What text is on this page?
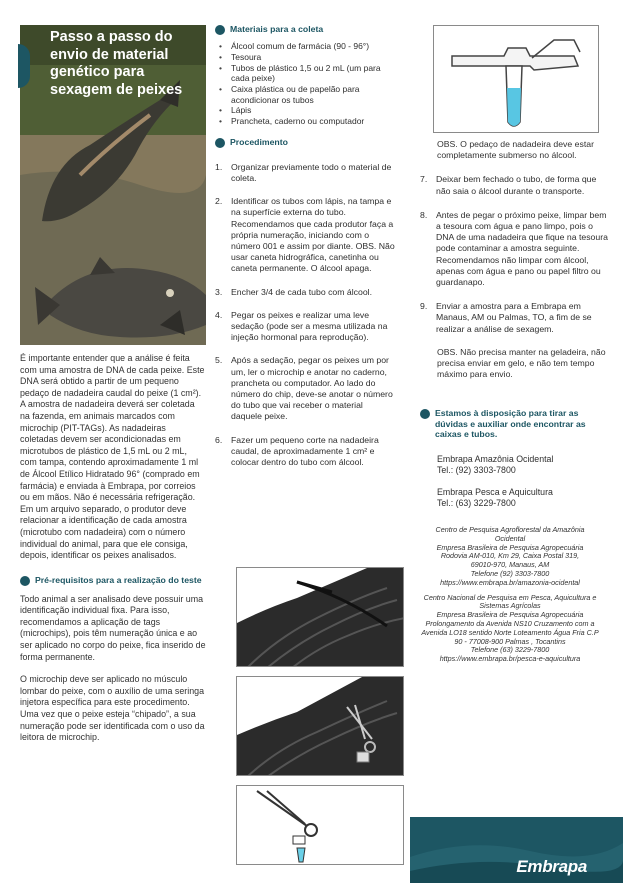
Passo a passo do envio de material genético para sexagem de peixes

É importante entender que a análise é feita com uma amostra de DNA de cada peixe. Este DNA será obtido a partir de um pequeno pedaço de nadadeira caudal do peixe (1 cm²). A amostra de nadadeira deverá ser coletada na fazenda, em animais marcados com microchip (PIT-TAGs). As nadadeiras coletadas devem ser acondicionadas em microtubos de plástico de 1,5 mL ou 2 mL, com tampa, contendo aproximadamente 1 ml de Álcool Etílico Hidratado 96° (comprado em farmácia) e enviada à Embrapa, por correios ou em mãos. Não é necessária refrigeração. Em um arquivo separado, o produtor deve relacionar a identificação de cada amostra (microtubo com nadadeira) com o número individual do animal, para que ele consiga, depois, identificar os peixes analisados.

Pré-requisitos para a realização do teste

Todo animal a ser analisado deve possuir uma identificação individual fixa. Para isso, recomendamos a aplicação de tags (microchips), pois têm numeração única e ao ser aplicado no corpo do peixe, fica inserido de forma permanente.

O microchip deve ser aplicado no músculo lombar do peixe, com o auxílio de uma seringa injetora específica para este procedimento. Uma vez que o peixe esteja “chipado”, a sua numeração pode ser identificada com o uso da leitora de microchip.

Materiais para a coleta
• Álcool comum de farmácia (90 - 96°)
• Tesoura
• Tubos de plástico 1,5 ou 2 mL (um para cada peixe)
• Caixa plástica ou de papelão para acondicionar os tubos
• Lápis
• Prancheta, caderno ou computador
Procedimento
1. Organizar previamente todo o material de coleta.
2. Identificar os tubos com lápis, na tampa e na superfície externa do tubo. Recomendamos que cada produtor faça a própria numeração, iniciando com o número 001 e assim por diante. OBS. Não usar caneta hidrográfica, canetinha ou caneta permanente. O álcool apaga.
3. Encher 3/4 de cada tubo com álcool.
4. Pegar os peixes e realizar uma leve sedação (pode ser a mesma utilizada na injeção hormonal para reprodução).
5. Após a sedação, pegar os peixes um por um, ler o microchip e anotar no caderno, prancheta ou computador. Ao lado do número do chip, deve-se anotar o número do tubo que vai receber o material daquele peixe.
6. Fazer um pequeno corte na nadadeira caudal, de aproximadamente 1 cm² e colocar dentro do tubo com álcool.

OBS. O pedaço de nadadeira deve estar completamente submerso no álcool.

7. Deixar bem fechado o tubo, de forma que não saia o álcool durante o transporte.
8. Antes de pegar o próximo peixe, limpar bem a tesoura com água e pano limpo, pois o DNA de uma nadadeira que fique na tesoura pode contaminar a amostra seguinte. Recomendamos não limpar com álcool, apenas com água e pano ou papel filtro ou guardanapo.
9. Enviar a amostra para a Embrapa em Manaus, AM ou Palmas, TO, a fim de se realizar a análise de sexagem.

OBS. Não precisa manter na geladeira, não precisa enviar em gelo, e não tem tempo máximo para envio.

Estamos à disposição para tirar as dúvidas e auxiliar onde encontrar as caixas e tubos.
Embrapa Amazônia Ocidental
Tel.: (92) 3303-7800
Embrapa Pesca e Aquicultura
Tel.: (63) 3229-7800
Centro de Pesquisa Agroflorestal da Amazônia Ocidental
Empresa Brasileira de Pesquisa Agropecuária
Rodovia AM-010, Km 29, Caixa Postal 319,
69010-970, Manaus, AM
Telefone (92) 3303-7800
https://www.embrapa.br/amazonia-ocidental
Centro Nacional de Pesquisa em Pesca, Aquicultura e Sistemas Agrícolas
Empresa Brasileira de Pesquisa Agropecuária
Prolongamento da Avenida NS10 Cruzamento com a Avenida LO18 sentido Norte Loteamento Água Fria C.P 90 - 77008-900 Palmas , Tocantins
Telefone (63) 3229-7800
https://www.embrapa.br/pesca-e-aquicultura
Embrapa
